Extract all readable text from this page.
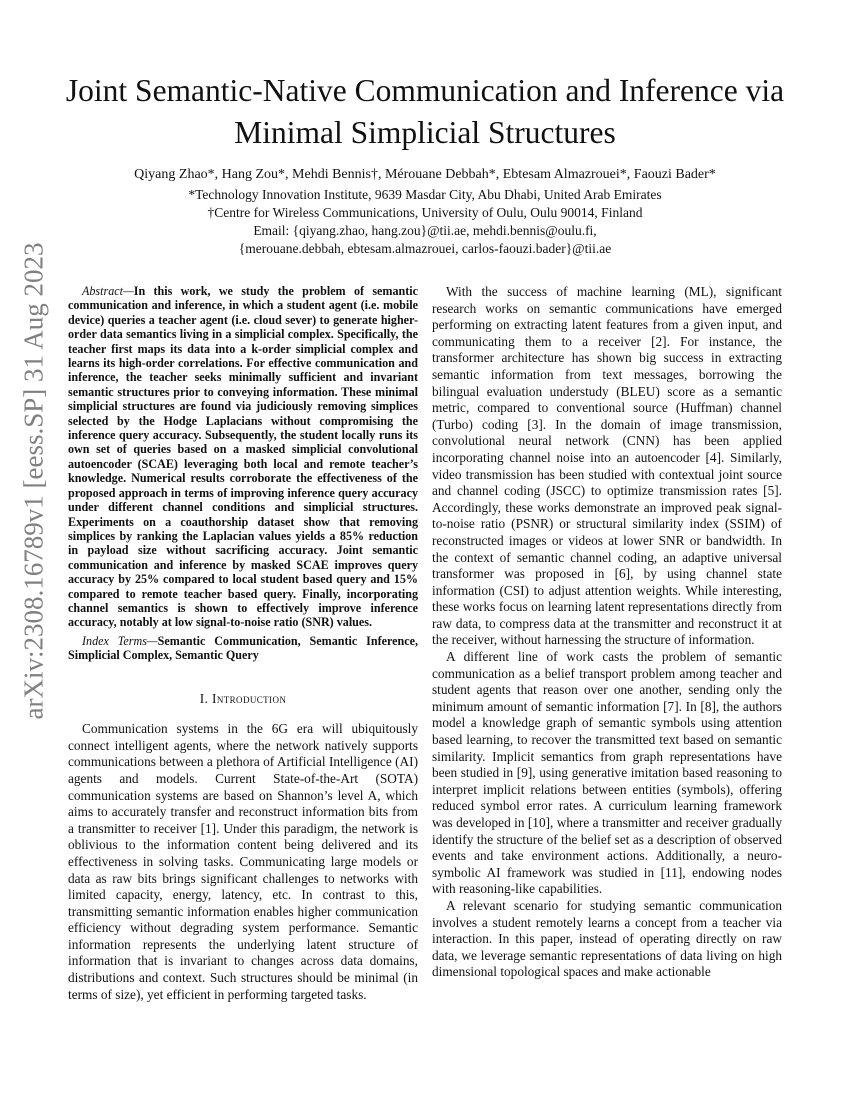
arXiv:2308.16789v1 [eess.SP] 31 Aug 2023
Joint Semantic-Native Communication and Inference via Minimal Simplicial Structures
Qiyang Zhao*, Hang Zou*, Mehdi Bennis†, Mérouane Debbah*, Ebtesam Almazrouei*, Faouzi Bader*
*Technology Innovation Institute, 9639 Masdar City, Abu Dhabi, United Arab Emirates
†Centre for Wireless Communications, University of Oulu, Oulu 90014, Finland
Email: {qiyang.zhao, hang.zou}@tii.ae, mehdi.bennis@oulu.fi,
{merouane.debbah, ebtesam.almazrouei, carlos-faouzi.bader}@tii.ae

Abstract—In this work, we study the problem of semantic communication and inference, in which a student agent (i.e. mobile device) queries a teacher agent (i.e. cloud sever) to generate higher-order data semantics living in a simplicial complex. Specifically, the teacher first maps its data into a k-order simplicial complex and learns its high-order correlations. For effective communication and inference, the teacher seeks minimally sufficient and invariant semantic structures prior to conveying information. These minimal simplicial structures are found via judiciously removing simplices selected by the Hodge Laplacians without compromising the inference query accuracy. Subsequently, the student locally runs its own set of queries based on a masked simplicial convolutional autoencoder (SCAE) leveraging both local and remote teacher’s knowledge. Numerical results corroborate the effectiveness of the proposed approach in terms of improving inference query accuracy under different channel conditions and simplicial structures. Experiments on a coauthorship dataset show that removing simplices by ranking the Laplacian values yields a 85% reduction in payload size without sacrificing accuracy. Joint semantic communication and inference by masked SCAE improves query accuracy by 25% compared to local student based query and 15% compared to remote teacher based query. Finally, incorporating channel semantics is shown to effectively improve inference accuracy, notably at low signal-to-noise ratio (SNR) values.

Index Terms—Semantic Communication, Semantic Inference, Simplicial Complex, Semantic Query

I. Introduction

Communication systems in the 6G era will ubiquitously connect intelligent agents, where the network natively supports communications between a plethora of Artificial Intelligence (AI) agents and models. Current State-of-the-Art (SOTA) communication systems are based on Shannon’s level A, which aims to accurately transfer and reconstruct information bits from a transmitter to receiver [1]. Under this paradigm, the network is oblivious to the information content being delivered and its effectiveness in solving tasks. Communicating large models or data as raw bits brings significant challenges to networks with limited capacity, energy, latency, etc. In contrast to this, transmitting semantic information enables higher communication efficiency without degrading system performance. Semantic information represents the underlying latent structure of information that is invariant to changes across data domains, distributions and context. Such structures should be minimal (in terms of size), yet efficient in performing targeted tasks.

With the success of machine learning (ML), significant research works on semantic communications have emerged performing on extracting latent features from a given input, and communicating them to a receiver [2]. For instance, the transformer architecture has shown big success in extracting semantic information from text messages, borrowing the bilingual evaluation understudy (BLEU) score as a semantic metric, compared to conventional source (Huffman) channel (Turbo) coding [3]. In the domain of image transmission, convolutional neural network (CNN) has been applied incorporating channel noise into an autoencoder [4]. Similarly, video transmission has been studied with contextual joint source and channel coding (JSCC) to optimize transmission rates [5]. Accordingly, these works demonstrate an improved peak signal-to-noise ratio (PSNR) or structural similarity index (SSIM) of reconstructed images or videos at lower SNR or bandwidth. In the context of semantic channel coding, an adaptive universal transformer was proposed in [6], by using channel state information (CSI) to adjust attention weights. While interesting, these works focus on learning latent representations directly from raw data, to compress data at the transmitter and reconstruct it at the receiver, without harnessing the structure of information.

A different line of work casts the problem of semantic communication as a belief transport problem among teacher and student agents that reason over one another, sending only the minimum amount of semantic information [7]. In [8], the authors model a knowledge graph of semantic symbols using attention based learning, to recover the transmitted text based on semantic similarity. Implicit semantics from graph representations have been studied in [9], using generative imitation based reasoning to interpret implicit relations between entities (symbols), offering reduced symbol error rates. A curriculum learning framework was developed in [10], where a transmitter and receiver gradually identify the structure of the belief set as a description of observed events and take environment actions. Additionally, a neuro-symbolic AI framework was studied in [11], endowing nodes with reasoning-like capabilities.

A relevant scenario for studying semantic communication involves a student remotely learns a concept from a teacher via interaction. In this paper, instead of operating directly on raw data, we leverage semantic representations of data living on high dimensional topological spaces and make actionable
